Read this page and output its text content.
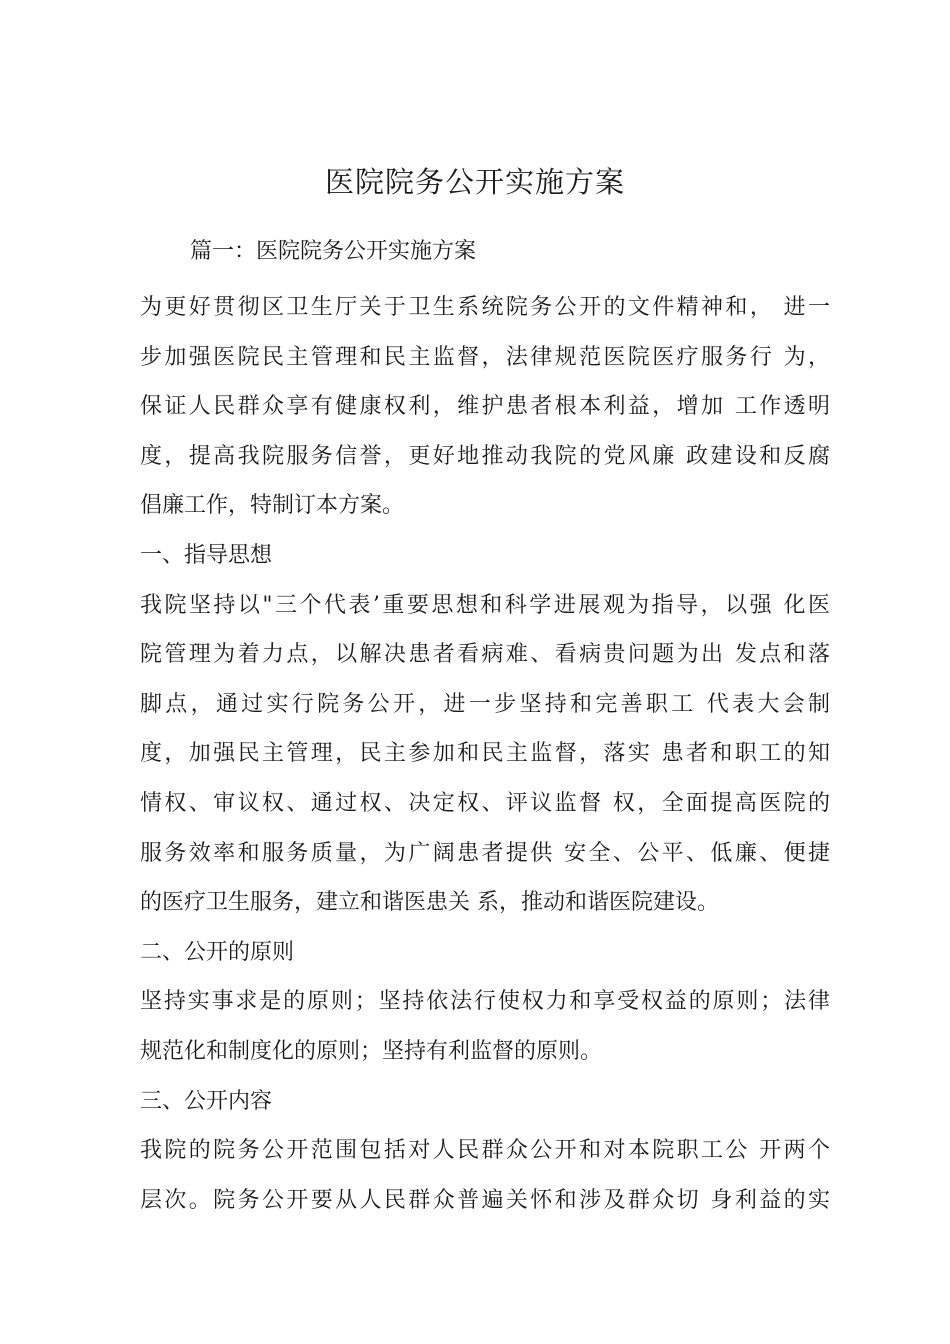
医院院务公开实施方案

篇一：医院院务公开实施方案

为更好贯彻区卫生厅关于卫生系统院务公开的文件精神和， 进一

步加强医院民主管理和民主监督，法律规范医院医疗服务行 为，

保证人民群众享有健康权利，维护患者根本利益，增加 工作透明

度，提高我院服务信誉，更好地推动我院的党风廉 政建设和反腐

倡廉工作，特制订本方案。

一、指导思想

我院坚持以"三个代表’重要思想和科学进展观为指导，以强 化医

院管理为着力点，以解决患者看病难、看病贵问题为出 发点和落

脚点，通过实行院务公开，进一步坚持和完善职工 代表大会制

度，加强民主管理，民主参加和民主监督，落实 患者和职工的知

情权、审议权、通过权、决定权、评议监督 权，全面提高医院的

服务效率和服务质量，为广阔患者提供 安全、公平、低廉、便捷

的医疗卫生服务，建立和谐医患关 系，推动和谐医院建设。

二、公开的原则

坚持实事求是的原则；坚持依法行使权力和享受权益的原则；法律

规范化和制度化的原则；坚持有利监督的原则。

三、公开内容

我院的院务公开范围包括对人民群众公开和对本院职工公 开两个

层次。院务公开要从人民群众普遍关怀和涉及群众切 身利益的实
